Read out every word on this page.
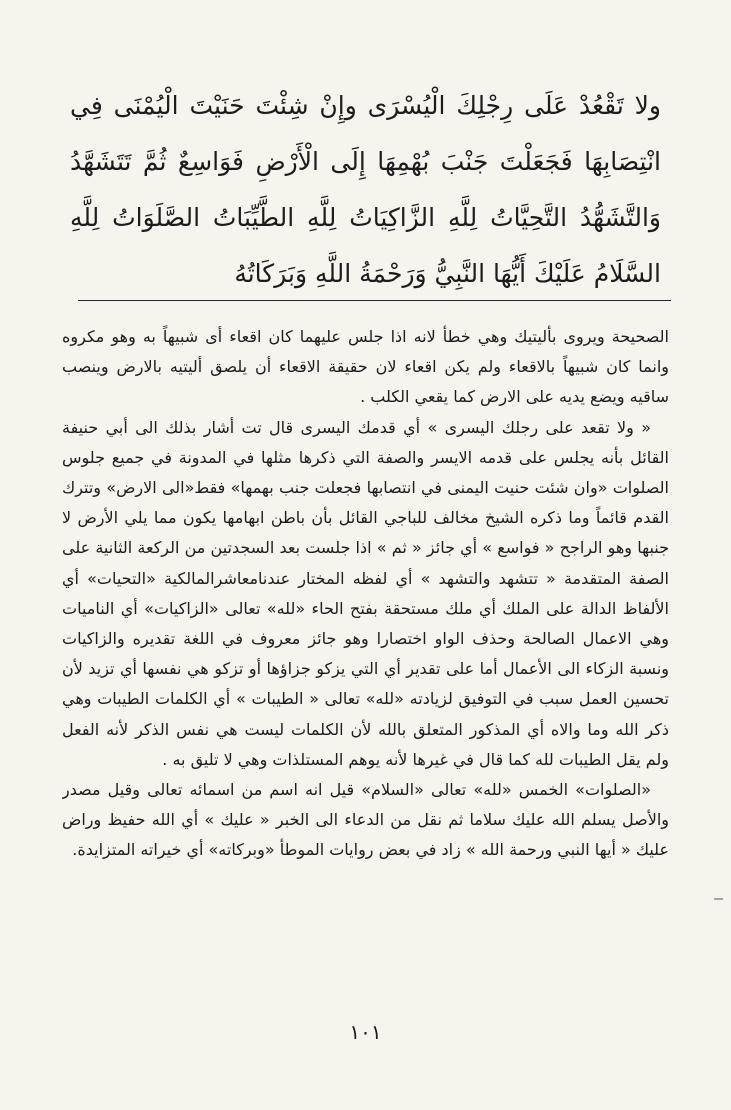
ولا تَقْعُدْ عَلَى رِجْلِكَ الْيُسْرَى وإِنْ شِئْتَ حَنَيْتَ الْيُمْنَى فِي انْتِصَابِهَا فَجَعَلْتَ جَنْبَ بُهْمِهَا إِلَى الْأَرْضِ فَوَاسِعٌ ثُمَّ تَتَشَهَّدُ وَالتَّشَهُّدُ التَّحِيَّاتُ لِلَّهِ الزَّاكِيَاتُ لِلَّهِ الطَّيِّبَاتُ الصَّلَوَاتُ لِلَّهِ السَّلَامُ عَلَيْكَ أَيُّهَا النَّبِيُّ وَرَحْمَةُ اللَّهِ وَبَرَكَاتُهُ

الصحيحة ويروى بأليتيك وهي خطأ لانه اذا جلس عليهما كان اقعاء أى شبيهاً به وهو مكروه وانما كان شبيهاً بالاقعاء ولم يكن اقعاء لان حقيقة الاقعاء أن يلصق أليتيه بالارض وينصب ساقيه ويضع يديه على الارض كما يقعي الكلب .

« ولا تقعد على رجلك اليسرى » أي قدمك اليسرى قال تت أشار بذلك الى أبي حنيفة القائل بأنه يجلس على قدمه الايسر والصفة التي ذكرها مثلها في المدونة في جميع جلوس الصلوات «وان شئت حنيت اليمنى في انتصابها فجعلت جنب بهمها» فقط«الى الارض» وتترك القدم قائماً وما ذكره الشيخ مخالف للباجي القائل بأن باطن ابهامها يكون مما يلي الأرض لا جنبها وهو الراجح « فواسع » أي جائز « ثم » اذا جلست بعد السجدتين من الركعة الثانية على الصفة المتقدمة « تتشهد والتشهد » أي لفظه المختار عندنامعاشرالمالكية «التحيات» أي الألفاظ الدالة على الملك أي ملك مستحقة بفتح الحاء «لله» تعالى «الزاكيات» أي الناميات وهي الاعمال الصالحة وحذف الواو اختصارا وهو جائز معروف في اللغة تقديره والزاكيات ونسبة الزكاء الى الأعمال أما على تقدير أي التي يزكو جزاؤها أو تزكو هي نفسها أي تزيد لأن تحسين العمل سبب في التوفيق لزيادته «لله» تعالى « الطيبات » أي الكلمات الطيبات وهي ذكر الله وما والاه أي المذكور المتعلق بالله لأن الكلمات ليست هي نفس الذكر لأنه الفعل ولم يقل الطيبات لله كما قال في غيرها لأنه يوهم المستلذات وهي لا تليق به .

«الصلوات» الخمس «لله» تعالى «السلام» قيل انه اسم من اسمائه تعالى وقيل مصدر والأصل يسلم الله عليك سلاما ثم نقل من الدعاء الى الخبر « عليك » أي الله حفيظ وراض عليك « أيها النبي ورحمة الله » زاد في بعض روايات الموطأ «وبركاته» أي خيراته المتزايدة.

١٠١
